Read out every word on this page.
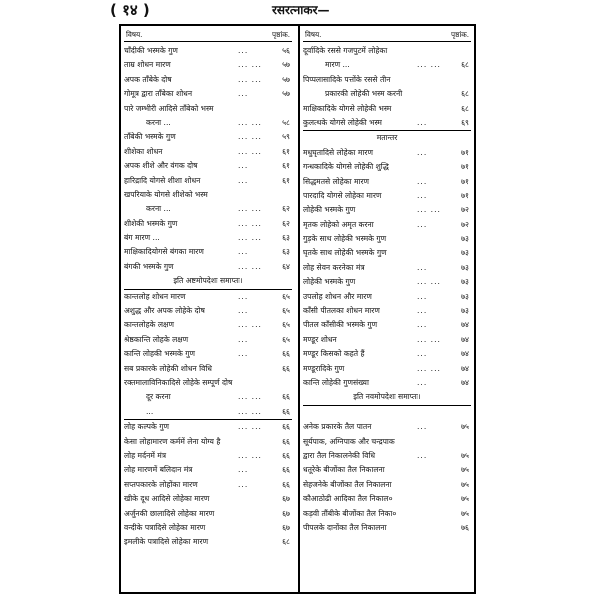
( १४ )	रसरत्नाकर—
विषय.	पृष्ठांक.
चाँदीकी भस्मके गुण	...	५६
ताम्र शोधन मारण	... ...	५७
अपक ताँबेके दोष	... ...	५७
गोमूत्र द्वारा ताँबेका शोधन	...	५७
पारे जम्भीरी आदिसे ताँबेको भस्म
करना ...	... ...	५८
ताँबेकी भस्मके गुण	... ...	५९
शीशेका शोधन	... ...	६१
अपक शीशे और वंगक दोष	...	६१
हारिद्रादि योगसे शीशा शोधन	...	६१
खपरियाके योगसे शीशेको भस्म
करना ...	... ...	६२
शीशेकी भस्मके गुण	... ...	६२
बंग मारण ...	... ...	६३
माक्षिकादियोगसे बंगका मारण	...	६३
बंगकी भस्मके गुण	... ...	६४
इति अष्टमोपदेशः समाप्तः।
कान्तलोह शोधन मारण	...	६५
अशुद्ध और अपक लोहेके दोष	...	६५
कान्तलोहके लक्षण	... ...	६५
श्रेष्ठकान्ति लोहके लक्षण	...	६५
कान्ति लोहकी भस्मके गुण	...	६६
सब प्रकारके लोहेकी शोधन विधि	६६
रक्तमालाविनिकादिसे लोहेके सम्पूर्ण दोष
दूर करना	... ...	६६
...	... ...	६६
लोह कल्पके गुण	... ...	६६
केसा लोहामारण कर्ममें लेना योग्य है	६६
लोह मर्दनमें मंत्र	... ...	६६
लोह मारणमें बलिदान मंत्र	...	६६
सप्तपकारके लोहोंका मारण	...	६६
खीके दूध आदिसे लोहेका मारण	६७
अर्जुनकी छालादिसे लोहेका मारण	६७
वन्दीके पत्रादिसे लोहेका मारण	६७
इमलीके पत्रादिसे लोहेका मारण	६८
विषय.	पृष्ठांक.
दूर्वादिके रससे गजपुटमें लोहेका
मारण ...	... ...	६८
पिप्पलासादिके पत्तोंके रससे तीन
प्रकारकी लोहेकी भस्म करनी	६८
माक्षिकादिके योगसे लोहेकी भस्म	६८
कुलत्थके योगसे लोहेकी भस्म	...	६९
मतान्तर
मधुघृतादिसे लोहेका मारण	...	७१
गन्धकादिके योगसे लोहेकी शुद्धि	७१
सिद्धमतसे लोहेका मारण	...	७१
पारदादि योगसे लोहेका मारण	...	७१
लोहेकी भस्मके गुण	... ...	७२
मृतक लोहेको अमृत करना	...	७२
गुड़के साथ लोहेकी भस्मके गुण	७३
घृतके साथ लोहेकी भस्मके गुण	७३
लोह सेवन करनेका मंत्र	...	७३
लोहेकी भस्मके गुण	... ...	७३
उपलोह शोधन और मारण	...	७३
काँसी पीतलका शोधन मारण	...	७३
पीतल काँसीकी भस्मके गुण	...	७४
मण्डूर शोधन	... ...	७४
मण्डूर किसको कहते हैं	...	७४
मण्डूरादिके गुण	... ...	७४
कान्ति लोहेकी गुणसंख्या	...	७४
इति नवमोपदेशः समाप्तः।
अनेक प्रकारके तैल पातन	...	७५
सूर्यपाक, अग्निपाक और चन्द्रपाक
द्वारा तैल निकालनेकी विधि	...	७५
धतूरेके बीजोंका तैल निकालना	७५
सेहजनेके बीजोंका तैल निकालना	७५
कौआठोढी आदिका तैल निकाल०	७५
कड़वी तौंबीके बीजोंका तैल निका०	७५
पीपलके दानोंका तैल निकालना	७६
